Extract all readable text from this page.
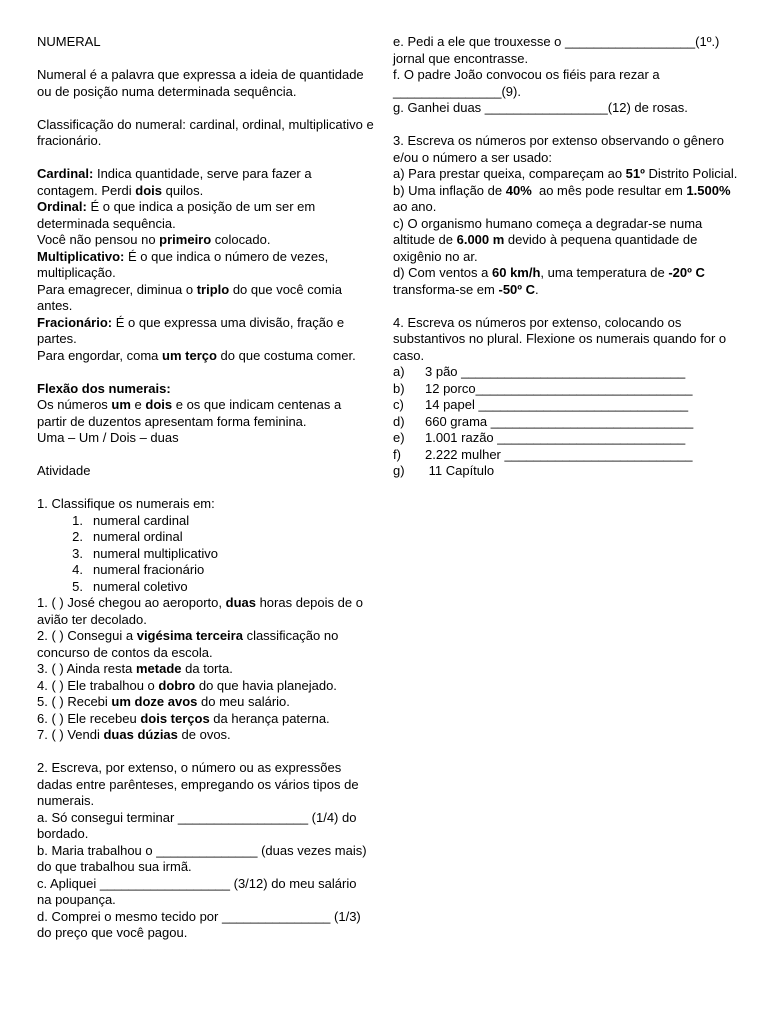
NUMERAL

Numeral é a palavra que expressa a ideia de quantidade ou de posição numa determinada sequência.

Classificação do numeral: cardinal, ordinal, multiplicativo e fracionário.

Cardinal: Indica quantidade, serve para fazer a contagem. Perdi dois quilos.

Ordinal: É o que indica a posição de um ser em determinada sequência.

Você não pensou no primeiro colocado.

Multiplicativo: É o que indica o número de vezes, multiplicação.

Para emagrecer, diminua o triplo do que você comia antes.

Fracionário: É o que expressa uma divisão, fração e partes.

Para engordar, coma um terço do que costuma comer.

Flexão dos numerais:

Os números um e dois e os que indicam centenas a partir de duzentos apresentam forma feminina.

Uma – Um / Dois – duas

Atividade

1. Classifique os numerais em:

1. numeral cardinal

2. numeral ordinal

3. numeral multiplicativo

4. numeral fracionário

5. numeral coletivo

1. ( ) José chegou ao aeroporto, duas horas depois de o avião ter decolado.

2. ( ) Consegui a vigésima terceira classificação no concurso de contos da escola.

3. ( ) Ainda resta metade da torta.

4. ( ) Ele trabalhou o dobro do que havia planejado.

5. ( ) Recebi um doze avos do meu salário.

6. ( ) Ele recebeu dois terços da herança paterna.

7. ( ) Vendi duas dúzias de ovos.

2. Escreva, por extenso, o número ou as expressões dadas entre parênteses, empregando os vários tipos de numerais.

a. Só consegui terminar __________________ (1/4) do bordado.

b. Maria trabalhou o ______________ (duas vezes mais) do que trabalhou sua irmã.

c. Apliquei __________________ (3/12) do meu salário na poupança.

d. Comprei o mesmo tecido por _______________ (1/3) do preço que você pagou.

e. Pedi a ele que trouxesse o __________________(1º.) jornal que encontrasse.

f. O padre João convocou os fiéis para rezar a _______________(9).

g. Ganhei duas _________________(12) de rosas.

3. Escreva os números por extenso observando o gênero e/ou o número a ser usado:

a) Para prestar queixa, compareçam ao 51º Distrito Policial.

b) Uma inflação de 40%  ao mês pode resultar em 1.500%  ao ano.

c) O organismo humano começa a degradar-se numa altitude de 6.000 m devido à pequena quantidade de oxigênio no ar.

d) Com ventos a 60 km/h, uma temperatura de -20º C transforma-se em -50º C.

4. Escreva os números por extenso, colocando os substantivos no plural. Flexione os numerais quando for o caso.

a) 3 pão _______________________________

b) 12 porco______________________________

c) 14 papel _____________________________

d) 660 grama ____________________________

e) 1.001 razão __________________________

f) 2.222 mulher __________________________

g) 11 Capítulo
